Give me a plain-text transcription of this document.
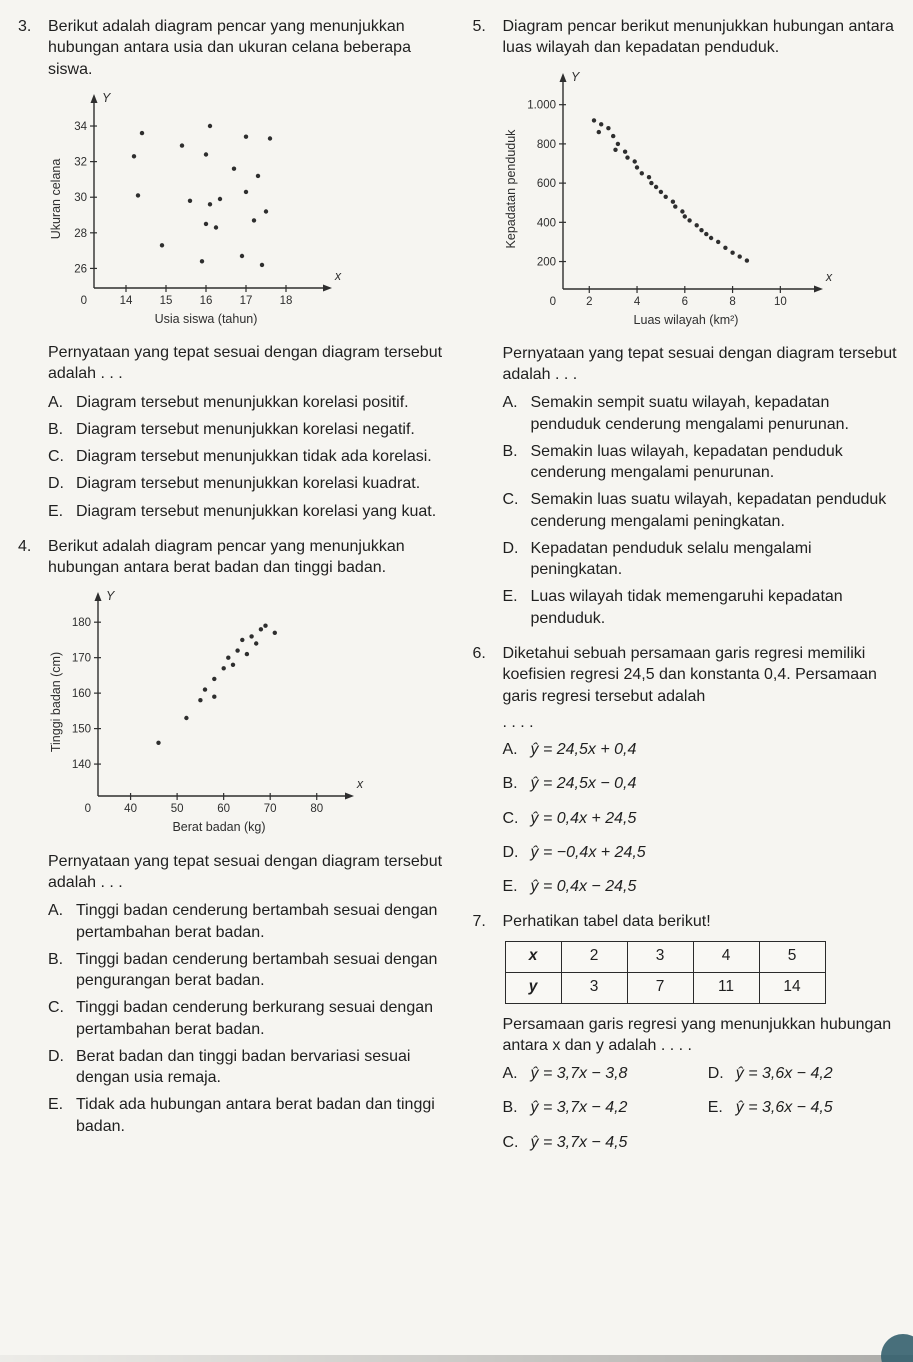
3.	Berikut adalah diagram pencar yang menunjukkan hubungan antara usia dan ukuran celana beberapa siswa.

Y
x
0	14 15 16 17 18
26
28
30
32
34
Usia siswa (tahun)
Ukuran celana

Pernyataan yang tepat sesuai dengan diagram tersebut adalah . . .

A. Diagram tersebut menunjukkan korelasi positif.
B. Diagram tersebut menunjukkan korelasi negatif.
C. Diagram tersebut menunjukkan tidak ada korelasi.
D. Diagram tersebut menunjukkan korelasi kuadrat.
E. Diagram tersebut menunjukkan korelasi yang kuat.
4.	Berikut adalah diagram pencar yang menunjukkan hubungan antara berat badan dan tinggi badan.

Y
x
0	40	50	60	70	80
140
150
160
170
180
Berat badan (kg)
Tinggi badan (cm)

Pernyataan yang tepat sesuai dengan diagram tersebut adalah . . .

A. Tinggi badan cenderung bertambah sesuai dengan pertambahan berat badan.
B. Tinggi badan cenderung bertambah sesuai dengan pengurangan berat badan.
C. Tinggi badan cenderung berkurang sesuai dengan pertambahan berat badan.
D. Berat badan dan tinggi badan bervariasi sesuai dengan usia remaja.
E. Tidak ada hubungan antara berat badan dan tinggi badan.
5.	Diagram pencar berikut menunjukkan hubungan antara luas wilayah dan kepadatan penduduk.

Y
x
0	2	4	6	8	10
200
400
600
800
1.000
Luas wilayah (km²)
Kepadatan penduduk

Pernyataan yang tepat sesuai dengan diagram tersebut adalah . . .

A. Semakin sempit suatu wilayah, kepadatan penduduk cenderung mengalami penurunan.
B. Semakin luas wilayah, kepadatan penduduk cenderung mengalami penurunan.
C. Semakin luas suatu wilayah, kepadatan penduduk cenderung mengalami peningkatan.
D. Kepadatan penduduk selalu mengalami peningkatan.
E. Luas wilayah tidak memengaruhi kepadatan penduduk.
6.	Diketahui sebuah persamaan garis regresi memiliki koefisien regresi 24,5 dan konstanta 0,4. Persamaan garis regresi tersebut adalah

. . . .

A. ŷ = 24,5x + 0,4
B. ŷ = 24,5x − 0,4
C. ŷ = 0,4x + 24,5
D. ŷ = −0,4x + 24,5
E. ŷ = 0,4x − 24,5
7.	Perhatikan tabel data berikut!

x	2	3	4	5
y	3	7	11	14

Persamaan garis regresi yang menunjukkan hubungan antara x dan y adalah . . . .

A. ŷ = 3,7x − 3,8
B. ŷ = 3,7x − 4,2
C. ŷ = 3,7x − 4,5
D. ŷ = 3,6x − 4,2
E. ŷ = 3,6x − 4,5
